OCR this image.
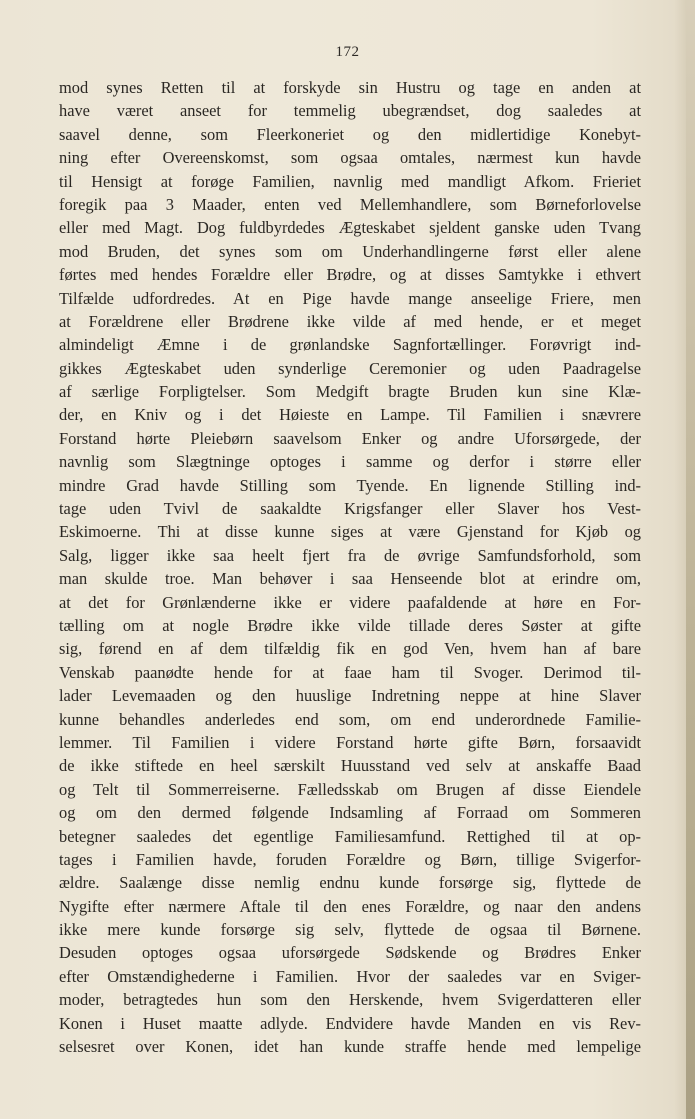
172
mod synes Retten til at forskyde sin Hustru og tage en anden at
have været anseet for temmelig ubegrændset, dog saaledes at
saavel denne, som Fleerkoneriet og den midlertidige Konebyt-
ning efter Overeenskomst, som ogsaa omtales, nærmest kun havde
til Hensigt at forøge Familien, navnlig med mandligt Afkom. Frieriet
foregik paa 3 Maader, enten ved Mellemhandlere, som Børneforlovelse
eller med Magt. Dog fuldbyrdedes Ægteskabet sjeldent ganske uden Tvang
mod Bruden, det synes som om Underhandlingerne først eller alene
førtes med hendes Forældre eller Brødre, og at disses Samtykke i ethvert
Tilfælde udfordredes. At en Pige havde mange anseelige Friere, men
at Forældrene eller Brødrene ikke vilde af med hende, er et meget
almindeligt Æmne i de grønlandske Sagnfortællinger. Forøvrigt ind-
gikkes Ægteskabet uden synderlige Ceremonier og uden Paadragelse
af særlige Forpligtelser. Som Medgift bragte Bruden kun sine Klæ-
der, en Kniv og i det Høieste en Lampe. Til Familien i snævrere
Forstand hørte Pleiebørn saavelsom Enker og andre Uforsørgede, der
navnlig som Slægtninge optoges i samme og derfor i større eller
mindre Grad havde Stilling som Tyende. En lignende Stilling ind-
tage uden Tvivl de saakaldte Krigsfanger eller Slaver hos Vest-
Eskimoerne. Thi at disse kunne siges at være Gjenstand for Kjøb og
Salg, ligger ikke saa heelt fjert fra de øvrige Samfundsforhold, som
man skulde troe. Man behøver i saa Henseende blot at erindre om,
at det for Grønlænderne ikke er videre paafaldende at høre en For-
tælling om at nogle Brødre ikke vilde tillade deres Søster at gifte
sig, førend en af dem tilfældig fik en god Ven, hvem han af bare
Venskab paanødte hende for at faae ham til Svoger. Derimod til-
lader Levemaaden og den huuslige Indretning neppe at hine Slaver
kunne behandles anderledes end som, om end underordnede Familie-
lemmer. Til Familien i videre Forstand hørte gifte Børn, forsaavidt
de ikke stiftede en heel særskilt Huusstand ved selv at anskaffe Baad
og Telt til Sommerreiserne. Fælledsskab om Brugen af disse Eiendele
og om den dermed følgende Indsamling af Forraad om Sommeren
betegner saaledes det egentlige Familiesamfund. Rettighed til at op-
tages i Familien havde, foruden Forældre og Børn, tillige Svigerfor-
ældre. Saalænge disse nemlig endnu kunde forsørge sig, flyttede de
Nygifte efter nærmere Aftale til den enes Forældre, og naar den andens
ikke mere kunde forsørge sig selv, flyttede de ogsaa til Børnene.
Desuden optoges ogsaa uforsørgede Sødskende og Brødres Enker
efter Omstændighederne i Familien. Hvor der saaledes var en Sviger-
moder, betragtedes hun som den Herskende, hvem Svigerdatteren eller
Konen i Huset maatte adlyde. Endvidere havde Manden en vis Rev-
selsesret over Konen, idet han kunde straffe hende med lempelige
